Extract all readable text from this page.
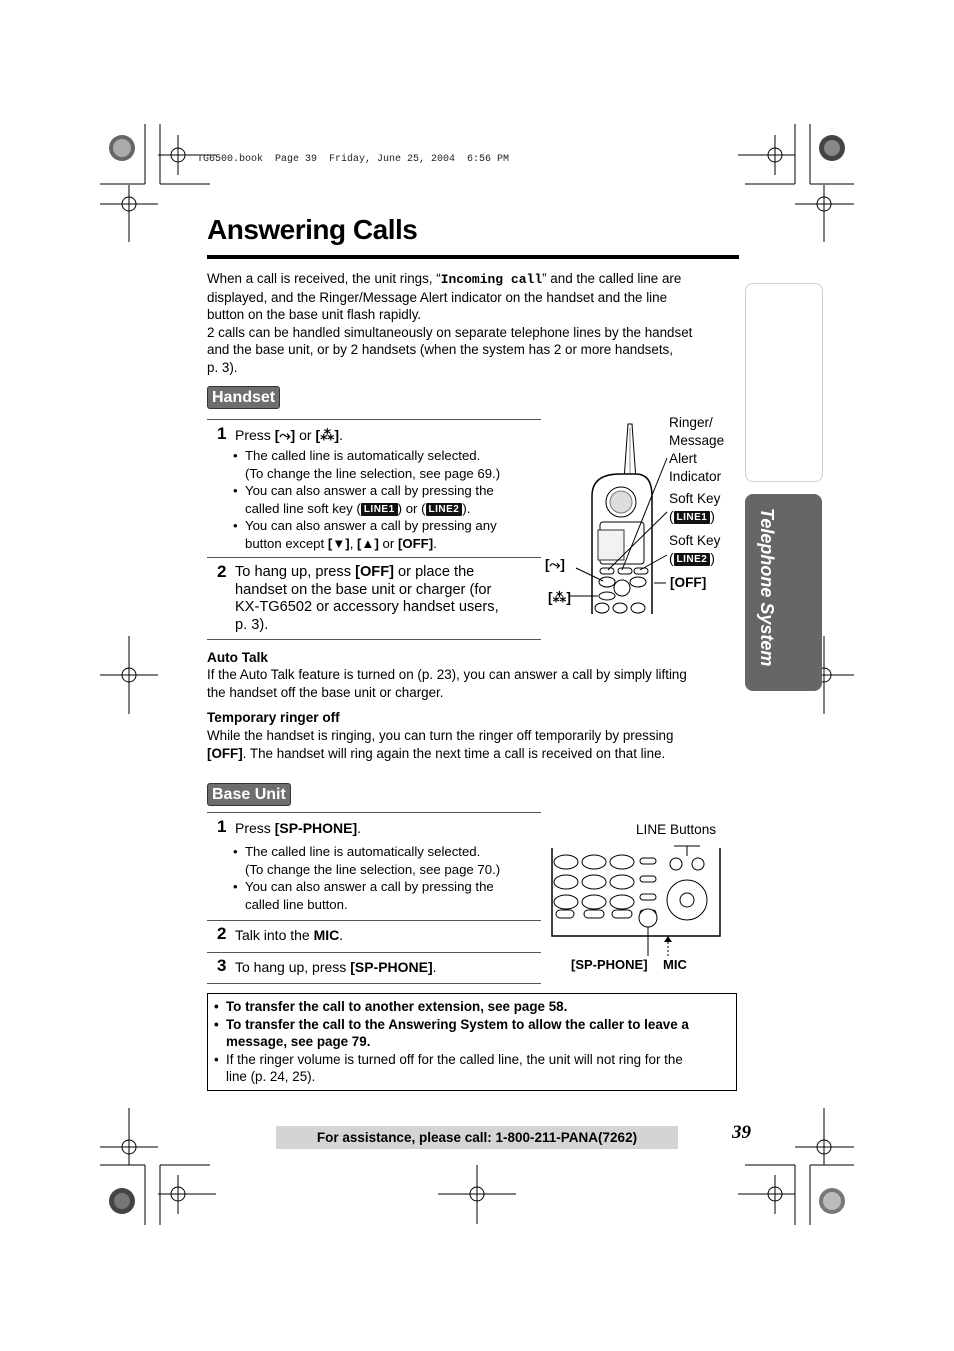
TG6500.book  Page 39  Friday, June 25, 2004  6:56 PM
Answering Calls
When a call is received, the unit rings, “Incoming call” and the called line are
displayed, and the Ringer/Message Alert indicator on the handset and the line
button on the base unit flash rapidly.
2 calls can be handled simultaneously on separate telephone lines by the handset
and the base unit, or by 2 handsets (when the system has 2 or more handsets,
p. 3).
Handset
1 Press [⤳] or [⁂].
• The called line is automatically selected.
(To change the line selection, see page 69.)
• You can also answer a call by pressing the
called line soft key ( LINE1 ) or ( LINE2 ).
• You can also answer a call by pressing any
button except [▼], [▲] or [OFF].
2 To hang up, press [OFF] or place the
handset on the base unit or charger (for
KX-TG6502 or accessory handset users,
p. 3).
Ringer/
Message
Alert
Indicator
Soft Key
( LINE1 )
Soft Key
( LINE2 )
[OFF]
[⤳]
[⁂]
Auto Talk
If the Auto Talk feature is turned on (p. 23), you can answer a call by simply lifting
the handset off the base unit or charger.
Temporary ringer off
While the handset is ringing, you can turn the ringer off temporarily by pressing
[OFF]. The handset will ring again the next time a call is received on that line.
Base Unit
1 Press [SP-PHONE].
• The called line is automatically selected.
(To change the line selection, see page 70.)
• You can also answer a call by pressing the
called line button.
2 Talk into the MIC.
3 To hang up, press [SP-PHONE].
LINE Buttons
[SP-PHONE] MIC
• To transfer the call to another extension, see page 58.
• To transfer the call to the Answering System to allow the caller to leave a
message, see page 79.
• If the ringer volume is turned off for the called line, the unit will not ring for the
line (p. 24, 25).
Telephone System
For assistance, please call: 1-800-211-PANA(7262)	39
